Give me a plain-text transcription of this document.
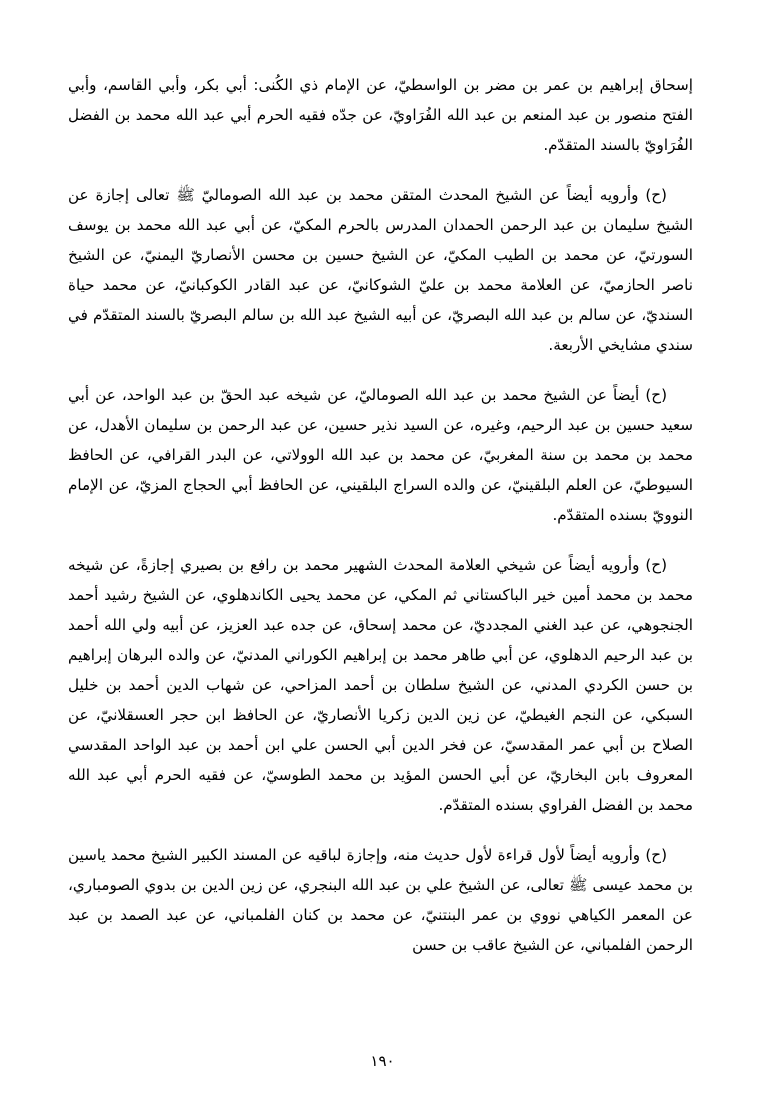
إسحاق إبراهيم بن عمر بن مضر بن الواسطيّ، عن الإمام ذي الكُنى: أبي بكر، وأبي القاسم، وأبي الفتح منصور بن عبد المنعم بن عبد الله الفُرَاويّ، عن جدّه فقيه الحرم أبي عبد الله محمد بن الفضل الفُرَاويّ بالسند المتقدّم.

(ح) وأرويه أيضاً عن الشيخ المحدث المتقن محمد بن عبد الله الصوماليّ ﷺ تعالى إجازة عن الشيخ سليمان بن عبد الرحمن الحمدان المدرس بالحرم المكيّ، عن أبي عبد الله محمد بن يوسف السورتيّ، عن محمد بن الطيب المكيّ، عن الشيخ حسين بن محسن الأنصاريّ اليمنيّ، عن الشيخ ناصر الحازميّ، عن العلامة محمد بن عليّ الشوكانيّ، عن عبد القادر الكوكبانيّ، عن محمد حياة السنديّ، عن سالم بن عبد الله البصريّ، عن أبيه الشيخ عبد الله بن سالم البصريّ بالسند المتقدّم في سندي مشايخي الأربعة.

(ح) أيضاً عن الشيخ محمد بن عبد الله الصوماليّ، عن شيخه عبد الحقّ بن عبد الواحد، عن أبي سعيد حسين بن عبد الرحيم، وغيره، عن السيد نذير حسين، عن عبد الرحمن بن سليمان الأهدل، عن محمد بن محمد بن سنة المغربيّ، عن محمد بن عبد الله الوولاتي، عن البدر القرافي، عن الحافظ السيوطيّ، عن العلم البلقينيّ، عن والده السراج البلقيني، عن الحافظ أبي الحجاج المزيّ، عن الإمام النوويّ بسنده المتقدّم.

(ح) وأرويه أيضاً عن شيخي العلامة المحدث الشهير محمد بن رافع بن بصيري إجازةً، عن شيخه محمد بن محمد أمين خير الباكستاني ثم المكي، عن محمد يحيى الكاندهلوي، عن الشيخ رشيد أحمد الجنجوهي، عن عبد الغني المجدديّ، عن محمد إسحاق، عن جده عبد العزيز، عن أبيه ولي الله أحمد بن عبد الرحيم الدهلوي، عن أبي طاهر محمد بن إبراهيم الكوراني المدنيّ، عن والده البرهان إبراهيم بن حسن الكردي المدني، عن الشيخ سلطان بن أحمد المزاحي، عن شهاب الدين أحمد بن خليل السبكي، عن النجم الغيطيّ، عن زين الدين زكريا الأنصاريّ، عن الحافظ ابن حجر العسقلانيّ، عن الصلاح بن أبي عمر المقدسيّ، عن فخر الدين أبي الحسن علي ابن أحمد بن عبد الواحد المقدسي المعروف بابن البخاريّ، عن أبي الحسن المؤيد بن محمد الطوسيّ، عن فقيه الحرم أبي عبد الله محمد بن الفضل الفراوي بسنده المتقدّم.

(ح) وأرويه أيضاً لأول قراءة لأول حديث منه، وإجازة لباقيه عن المسند الكبير الشيخ محمد ياسين بن محمد عيسى ﷺ تعالى، عن الشيخ علي بن عبد الله البنجري، عن زين الدين بن بدوي الصومباري، عن المعمر الكياهي نووي بن عمر البنتنيّ، عن محمد بن كنان الفلمباني، عن عبد الصمد بن عبد الرحمن الفلمباني، عن الشيخ عاقب بن حسن

١٩٠
